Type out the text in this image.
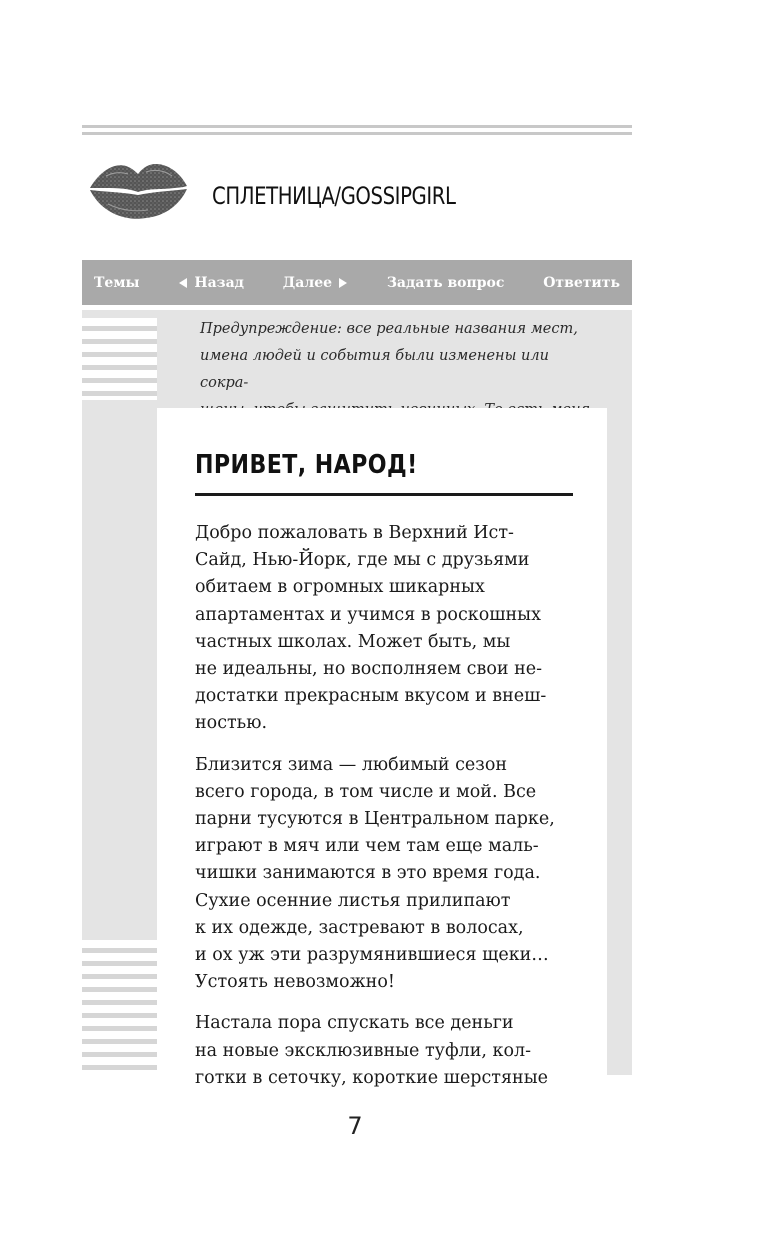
СПЛЕТНИЦА/GOSSIPGIRL
Темы	Назад	Далее	Задать вопрос	Ответить
Предупреждение: все реальные названия мест,
имена людей и события были изменены или сокра-
ПРИВЕТ, НАРОД!
Добро пожаловать в Верхний Ист-
Сайд, Нью-Йорк, где мы с друзьями
обитаем в огромных шикарных
апартаментах и учимся в роскошных
частных школах. Может быть, мы
не идеальны, но восполняем свои не-
достатки прекрасным вкусом и внеш-
ностью.
Близится зима — любимый сезон
всего города, в том числе и мой. Все
парни тусуются в Центральном парке,
играют в мяч или чем там еще маль-
чишки занимаются в это время года.
Сухие осенние листья прилипают
к их одежде, застревают в волосах,
и ох уж эти разрумянившиеся щеки…
Устоять невозможно!
Настала пора спускать все деньги
на новые эксклюзивные туфли, кол-
готки в сеточку, короткие шерстяные
7
